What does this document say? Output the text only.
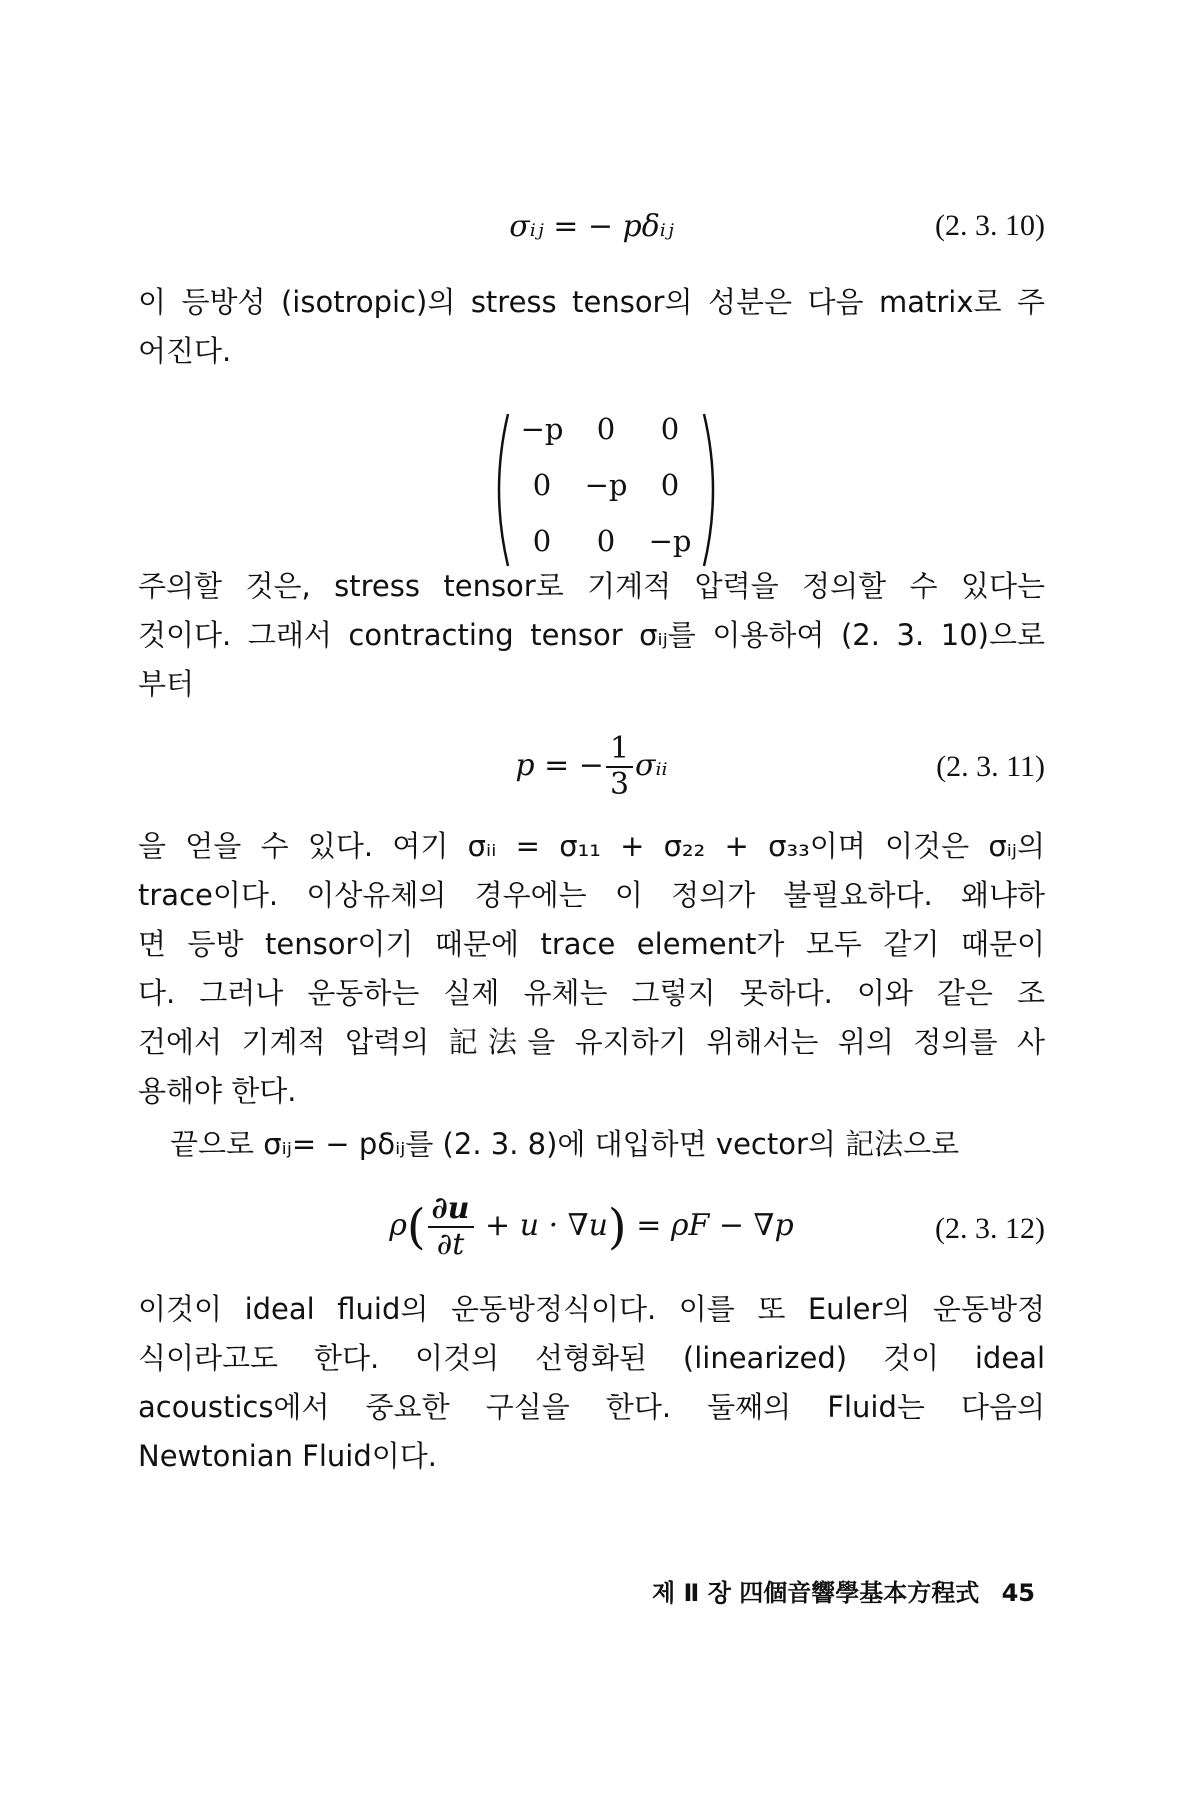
σᵢⱼ = − pδᵢⱼ	(2. 3. 10)
이 등방성 (isotropic)의 stress tensor의 성분은 다음 matrix로 주
어진다.
−p	0	0
0	−p	0
0	0	−p
주의할 것은, stress tensor로 기계적 압력을 정의할 수 있다는
것이다. 그래서 contracting tensor σᵢⱼ를 이용하여 (2. 3. 10)으로
부터
p = − $\frac{1}{3}$ σᵢᵢ	(2. 3. 11)
을 얻을 수 있다. 여기 σᵢᵢ = σ₁₁ + σ₂₂ + σ₃₃이며 이것은 σᵢⱼ의
trace이다. 이상유체의 경우에는 이 정의가 불필요하다. 왜냐하
면 등방 tensor이기 때문에 trace element가 모두 같기 때문이
다. 그러나 운동하는 실제 유체는 그렇지 못하다. 이와 같은 조
건에서 기계적 압력의 記法을 유지하기 위해서는 위의 정의를 사
용해야 한다.
끝으로 σᵢⱼ= − pδᵢⱼ를 (2. 3. 8)에 대입하면 vector의 記法으로
$\rho( \frac{\partial u}{\partial t} + u \cdot \nabla u) = \rho F - \nabla p$	(2. 3. 12)
이것이 ideal fluid의 운동방정식이다. 이를 또 Euler의 운동방정
식이라고도 한다. 이것의 선형화된 (linearized) 것이 ideal
acoustics에서 중요한 구실을 한다. 둘째의 Fluid는 다음의
Newtonian Fluid이다.
제 Ⅱ 장 四個音響學基本方程式 45
